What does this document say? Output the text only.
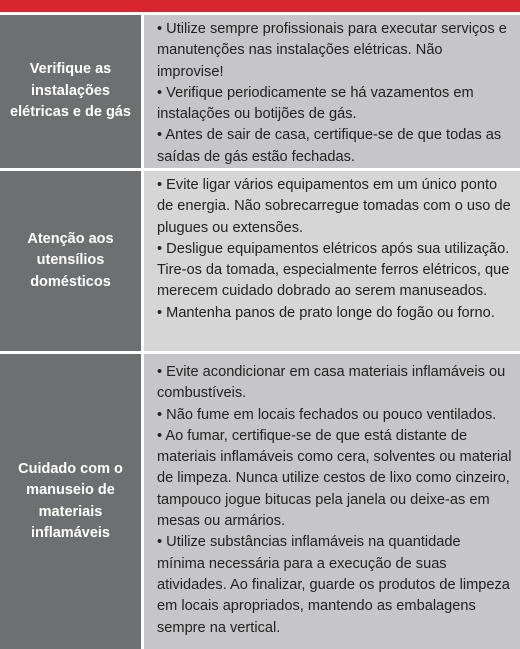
Verifique as instalações elétricas e de gás

• Utilize sempre profissionais para executar serviços e manutenções nas instalações elétricas. Não improvise!

• Verifique periodicamente se há vazamentos em instalações ou botijões de gás.

• Antes de sair de casa, certifique-se de que todas as saídas de gás estão fechadas.

Atenção aos utensílios domésticos

• Evite ligar vários equipamentos em um único ponto de energia. Não sobrecarregue tomadas com o uso de plugues ou extensões.

• Desligue equipamentos elétricos após sua utilização. Tire-os da tomada, especialmente ferros elétricos, que merecem cuidado dobrado ao serem manuseados.

• Mantenha panos de prato longe do fogão ou forno.

Cuidado com o manuseio de materiais inflamáveis

• Evite acondicionar em casa materiais inflamáveis ou combustíveis.

• Não fume em locais fechados ou pouco ventilados.

• Ao fumar, certifique-se de que está distante de materiais inflamáveis como cera, solventes ou material de limpeza. Nunca utilize cestos de lixo como cinzeiro, tampouco jogue bitucas pela janela ou deixe-as em mesas ou armários.

• Utilize substâncias inflamáveis na quantidade mínima necessária para a execução de suas atividades. Ao finalizar, guarde os produtos de limpeza em locais apropriados, mantendo as embalagens sempre na vertical.
